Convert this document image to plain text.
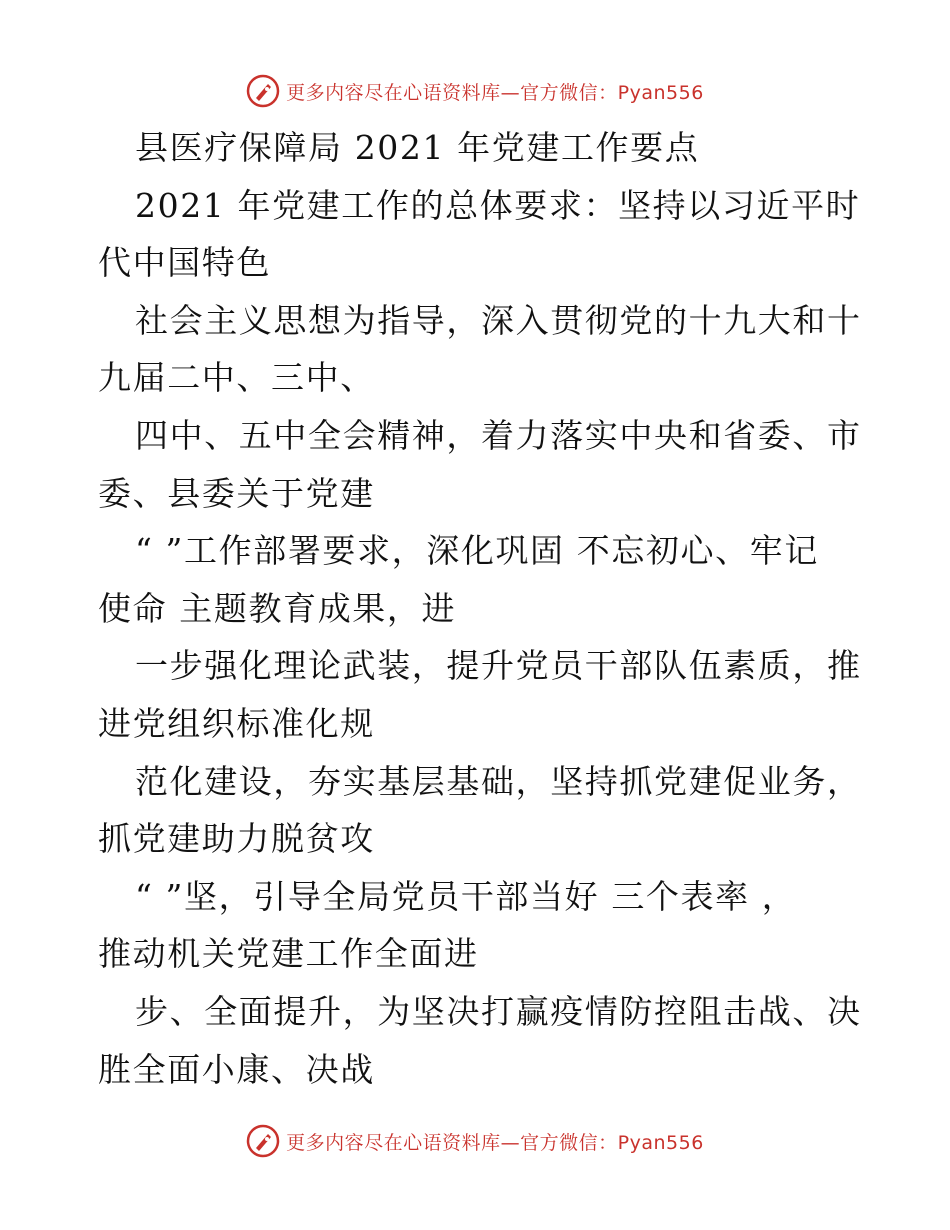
更多内容尽在心语资料库—官方微信：Pyan556
县医疗保障局 2021 年党建工作要点
2021 年党建工作的总体要求：坚持以习近平时
代中国特色
社会主义思想为指导，深入贯彻党的十九大和十
九届二中、三中、
四中、五中全会精神，着力落实中央和省委、市
委、县委关于党建
“ ”工作部署要求，深化巩固 不忘初心、牢记
使命 主题教育成果，进
一步强化理论武装，提升党员干部队伍素质，推
进党组织标准化规
范化建设，夯实基层基础，坚持抓党建促业务，
抓党建助力脱贫攻
“ ”坚，引导全局党员干部当好 三个表率 ，
推动机关党建工作全面进
步、全面提升，为坚决打赢疫情防控阻击战、决
胜全面小康、决战
更多内容尽在心语资料库—官方微信：Pyan556
